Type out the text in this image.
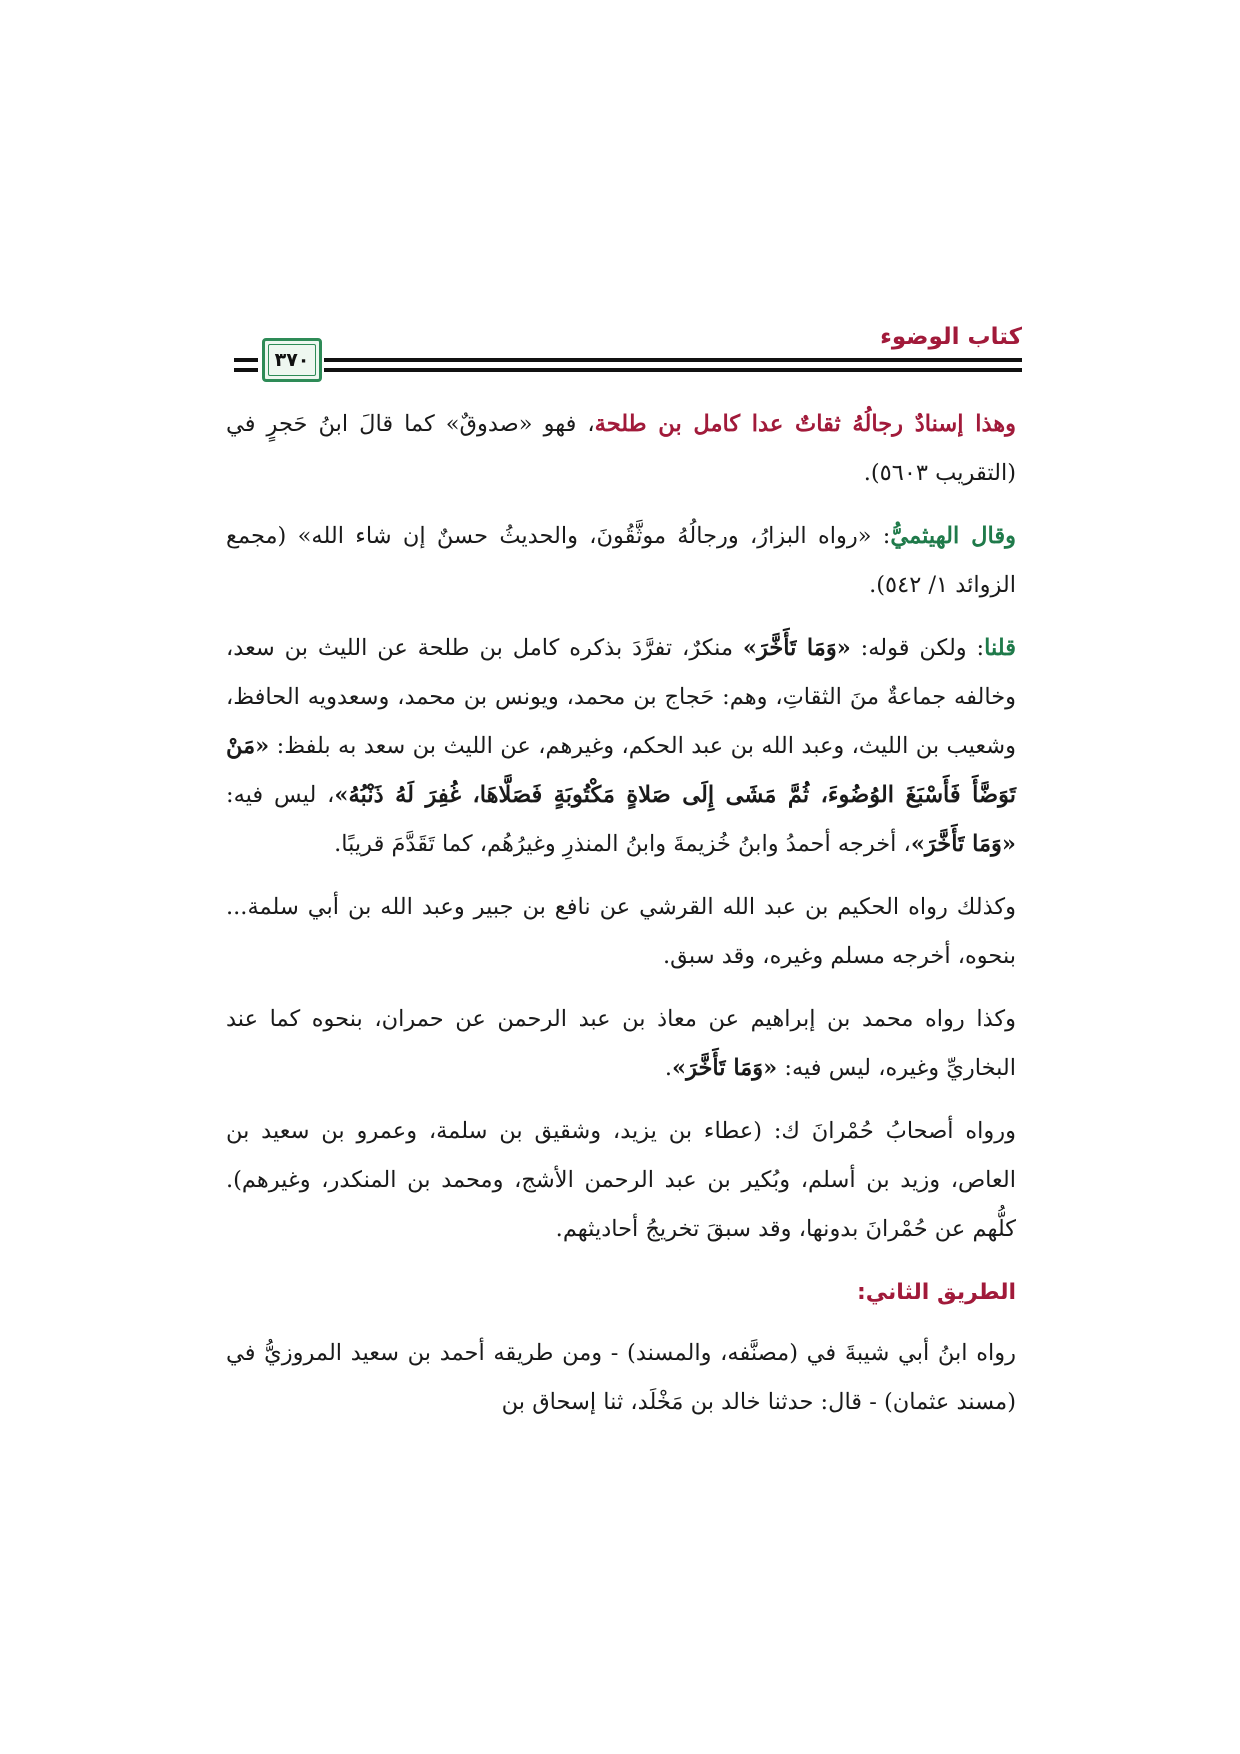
كتاب الوضوء
٣٧٠

وهذا إسنادٌ رجالُهُ ثقاتٌ عدا كامل بن طلحة، فهو «صدوقٌ» كما قالَ ابنُ حَجرٍ في (التقريب ٥٦٠٣).

وقال الهيثميُّ: «رواه البزارُ، ورجالُهُ موثَّقُونَ، والحديثُ حسنٌ إن شاء الله» (مجمع الزوائد ١/ ٥٤٢).

قلنا: ولكن قوله: «وَمَا تَأَخَّرَ» منكرٌ، تفرَّدَ بذكره كامل بن طلحة عن الليث بن سعد، وخالفه جماعةٌ منَ الثقاتِ، وهم: حَجاج بن محمد، ويونس بن محمد، وسعدويه الحافظ، وشعيب بن الليث، وعبد الله بن عبد الحكم، وغيرهم، عن الليث بن سعد به بلفظ: «مَنْ تَوَضَّأَ فَأَسْبَغَ الوُضُوءَ، ثُمَّ مَشَى إِلَى صَلاةٍ مَكْتُوبَةٍ فَصَلَّاهَا، غُفِرَ لَهُ ذَنْبُهُ»، ليس فيه: «وَمَا تَأَخَّرَ»، أخرجه أحمدُ وابنُ خُزيمةَ وابنُ المنذرِ وغيرُهُم، كما تَقَدَّمَ قريبًا.

وكذلك رواه الحكيم بن عبد الله القرشي عن نافع بن جبير وعبد الله بن أبي سلمة... بنحوه، أخرجه مسلم وغيره، وقد سبق.

وكذا رواه محمد بن إبراهيم عن معاذ بن عبد الرحمن عن حمران، بنحوه كما عند البخاريِّ وغيره، ليس فيه: «وَمَا تَأَخَّرَ».

ورواه أصحابُ حُمْرانَ ك: (عطاء بن يزيد، وشقيق بن سلمة، وعمرو بن سعيد بن العاص، وزيد بن أسلم، وبُكير بن عبد الرحمن الأشج، ومحمد بن المنكدر، وغيرهم). كلُّهم عن حُمْرانَ بدونها، وقد سبقَ تخريجُ أحاديثهم.

الطريق الثاني:

رواه ابنُ أبي شيبةَ في (مصنَّفه، والمسند) - ومن طريقه أحمد بن سعيد المروزيُّ في (مسند عثمان) - قال: حدثنا خالد بن مَخْلَد، ثنا إسحاق بن
